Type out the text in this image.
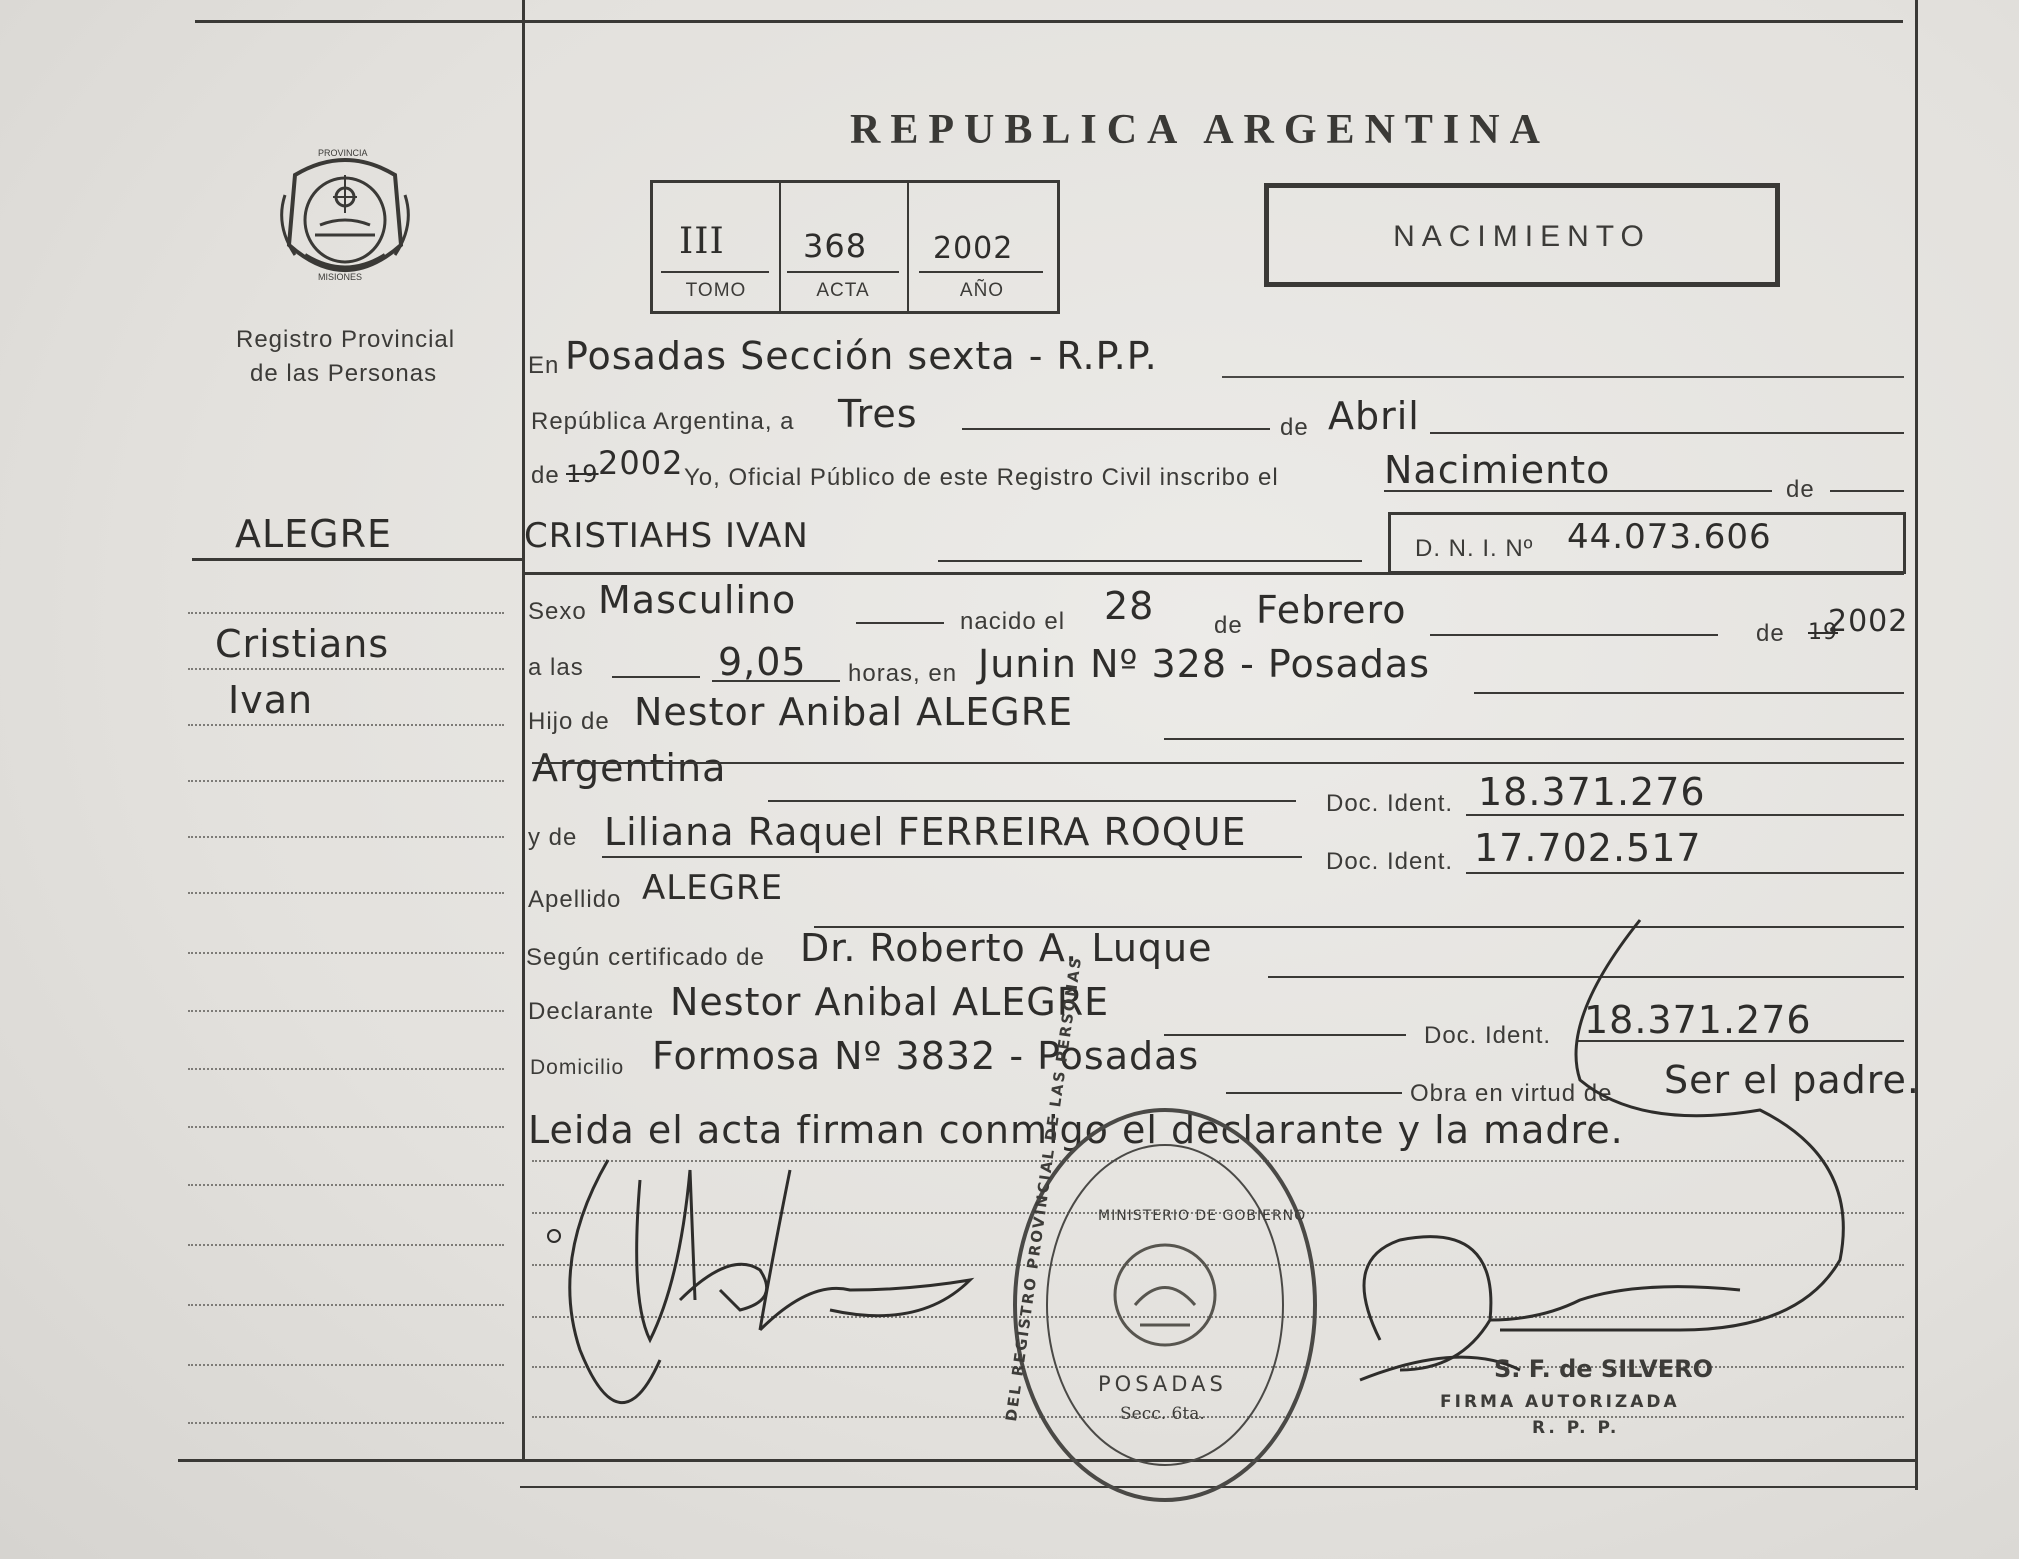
PROVINCIA
MISIONES
Registro Provincial
de las Personas
ALEGRE
Cristians
Ivan
REPUBLICA ARGENTINA
III
TOMO
368
ACTA
2002
AÑO
NACIMIENTO
En Posadas Sección sexta - R.P.P.
República Argentina, a Tres	de Abril
de 19 2002 Yo, Oficial Público de este Registro Civil inscribo el	Nacimiento	de
CRISTIAHS IVAN	D. N. I. Nº 44.073.606
Sexo Masculino	nacido el 28 de Febrero
de 19
2002
a las	9,05 horas, en Junin Nº 328 - Posadas
Hijo de Nestor Anibal ALEGRE
Argentina
Doc. Ident. 18.371.276
y de Liliana Raquel FERREIRA ROQUE
Doc. Ident. 17.702.517
Apellido ALEGRE
Según certificado de Dr. Roberto A. Luque
Declarante Nestor Anibal ALEGRE
Doc. Ident. 18.371.276
Domicilio Formosa Nº 3832 - Posadas
Obra en virtud de Ser el padre.
Leida el acta firman conmigo el declarante y la madre.
DEL REGISTRO PROVINCIAL DE LAS PERSONAS MINISTERIO DE GOBIERNO
POSADAS
Secc. 6ta.
S. F. de SILVERO
FIRMA AUTORIZADA
R. P. P.
